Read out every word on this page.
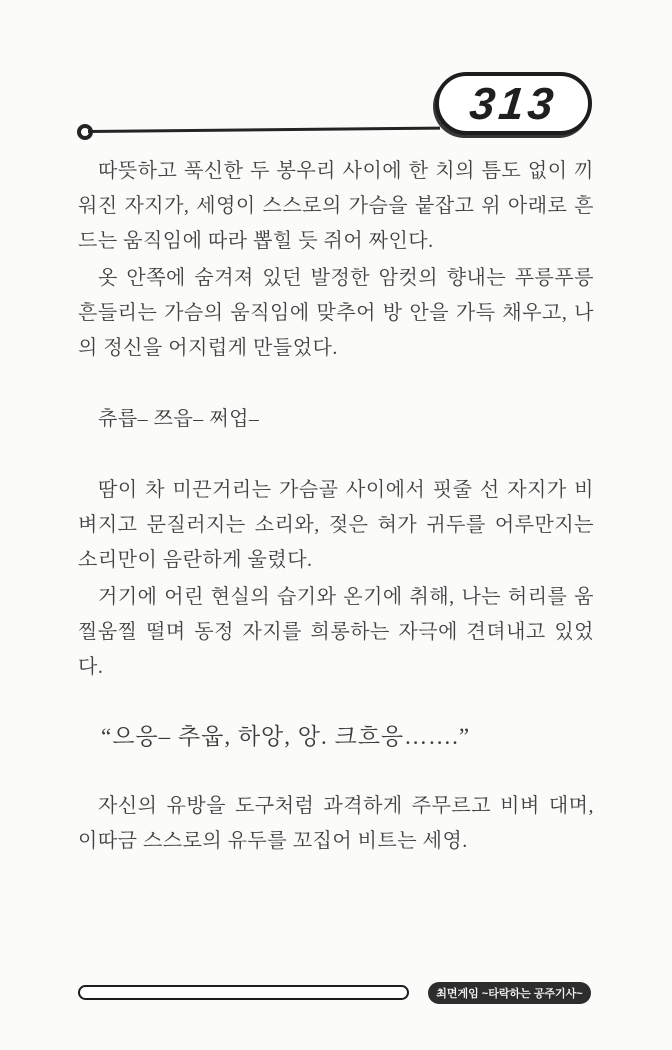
313

따뜻하고 푹신한 두 봉우리 사이에 한 치의 틈도 없이 끼워진 자지가, 세영이 스스로의 가슴을 붙잡고 위 아래로 흔드는 움직임에 따라 뽑힐 듯 쥐어 짜인다.

옷 안쪽에 숨겨져 있던 발정한 암컷의 향내는 푸릉푸릉 흔들리는 가슴의 움직임에 맞추어 방 안을 가득 채우고, 나의 정신을 어지럽게 만들었다.

츄릅– 쯔읍– 쩌업–

땀이 차 미끈거리는 가슴골 사이에서 핏줄 선 자지가 비벼지고 문질러지는 소리와, 젖은 혀가 귀두를 어루만지는 소리만이 음란하게 울렸다.

거기에 어린 현실의 습기와 온기에 취해, 나는 허리를 움찔움찔 떨며 동정 자지를 희롱하는 자극에 견뎌내고 있었다.

“으응– 추웁, 하앙, 앙. 크흐응…….”

자신의 유방을 도구처럼 과격하게 주무르고 비벼 대며, 이따금 스스로의 유두를 꼬집어 비트는 세영.

최면게임 ~타락하는 공주기사~
